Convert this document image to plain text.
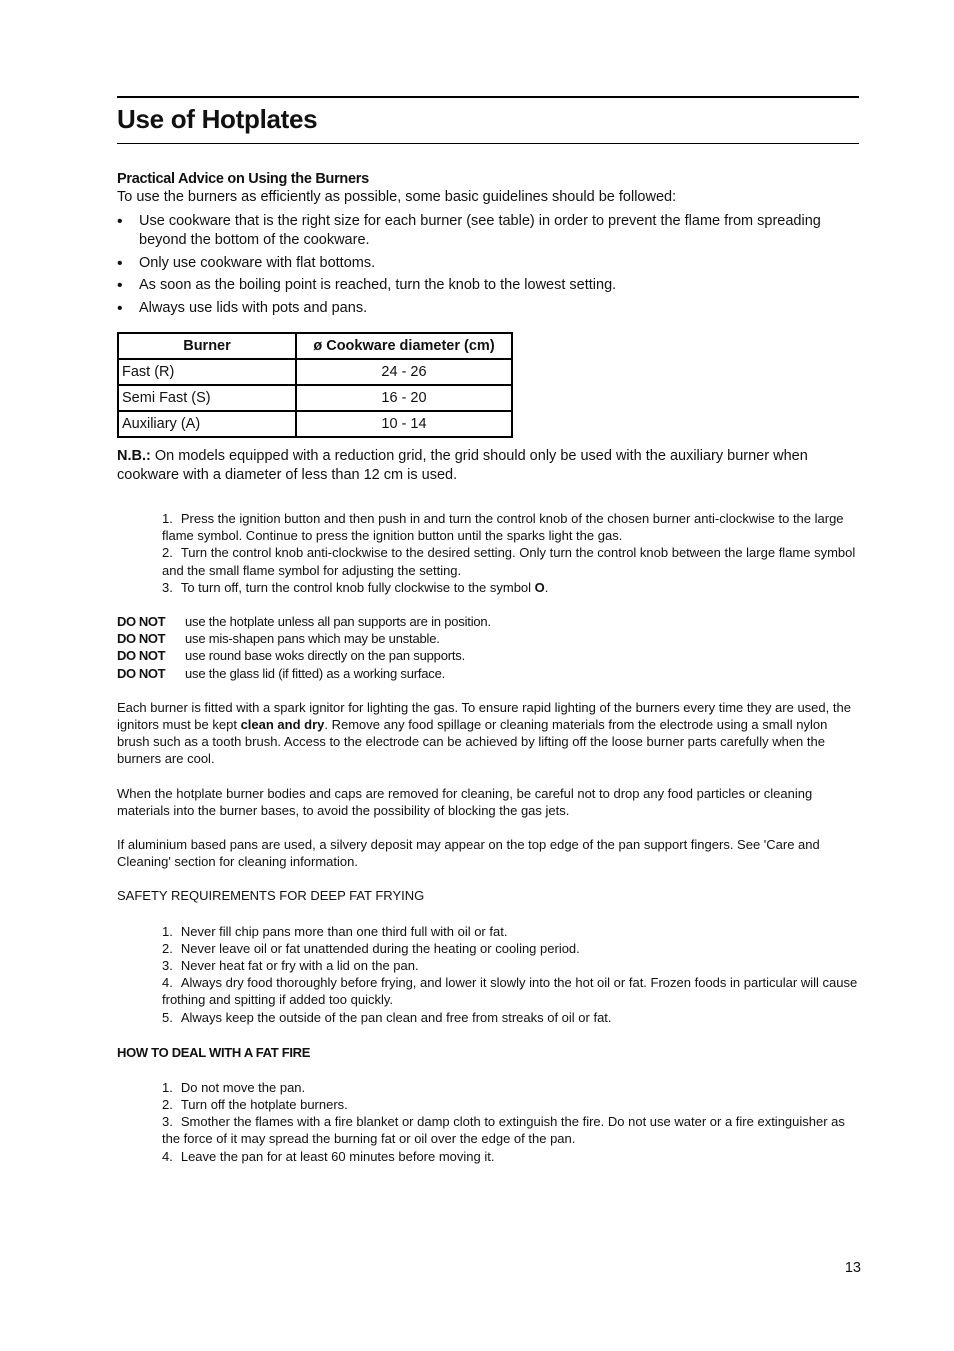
Use of Hotplates

Practical Advice on Using the Burners

To use the burners as efficiently as possible, some basic guidelines should be followed:

• Use cookware that is the right size for each burner (see table) in order to prevent the flame from spreading beyond the bottom of the cookware.
• Only use cookware with flat bottoms.
• As soon as the boiling point is reached, turn the knob to the lowest setting.
• Always use lids with pots and pans.
Burner	ø Cookware diameter (cm)
Fast (R)	24 - 26
Semi Fast (S)	16 - 20
Auxiliary (A)	10 - 14

N.B.: On models equipped with a reduction grid, the grid should only be used with the auxiliary burner when cookware with a diameter of less than 12 cm is used.

1. Press the ignition button and then push in and turn the control knob of the chosen burner anti-clockwise to the large flame symbol. Continue to press the ignition button until the sparks light the gas.
2. Turn the control knob anti-clockwise to the desired setting. Only turn the control knob between the large flame symbol and the small flame symbol for adjusting the setting.
3. To turn off, turn the control knob fully clockwise to the symbol O.
DO NOT use the hotplate unless all pan supports are in position.
DO NOT use mis-shapen pans which may be unstable.
DO NOT use round base woks directly on the pan supports.
DO NOT use the glass lid (if fitted) as a working surface.

Each burner is fitted with a spark ignitor for lighting the gas. To ensure rapid lighting of the burners every time they are used, the ignitors must be kept clean and dry. Remove any food spillage or cleaning materials from the electrode using a small nylon brush such as a tooth brush. Access to the electrode can be achieved by lifting off the loose burner parts carefully when the burners are cool.

When the hotplate burner bodies and caps are removed for cleaning, be careful not to drop any food particles or cleaning materials into the burner bases, to avoid the possibility of blocking the gas jets.

If aluminium based pans are used, a silvery deposit may appear on the top edge of the pan support fingers. See 'Care and Cleaning' section for cleaning information.

SAFETY REQUIREMENTS FOR DEEP FAT FRYING

1. Never fill chip pans more than one third full with oil or fat.
2. Never leave oil or fat unattended during the heating or cooling period.
3. Never heat fat or fry with a lid on the pan.
4. Always dry food thoroughly before frying, and lower it slowly into the hot oil or fat. Frozen foods in particular will cause frothing and spitting if added too quickly.
5. Always keep the outside of the pan clean and free from streaks of oil or fat.

HOW TO DEAL WITH A FAT FIRE

1. Do not move the pan.
2. Turn off the hotplate burners.
3. Smother the flames with a fire blanket or damp cloth to extinguish the fire. Do not use water or a fire extinguisher as the force of it may spread the burning fat or oil over the edge of the pan.
4. Leave the pan for at least 60 minutes before moving it.
13
